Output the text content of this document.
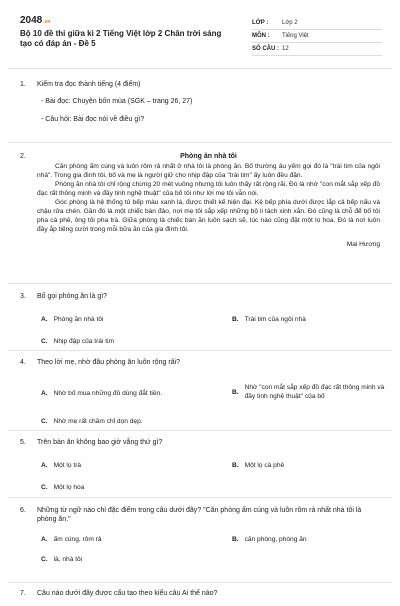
2048.vn
Bộ 10 đề thi giữa kì 2 Tiếng Việt lớp 2 Chân trời sáng tạo có đáp án - Đề 5
LỚP :	Lớp 2
MÔN :	Tiếng Việt
SỐ CÂU : 12
1.	Kiểm tra đọc thành tiếng (4 điểm)
- Bài đọc: Chuyện bốn mùa (SGK – trang 26, 27)
- Câu hỏi: Bài đọc nói về điều gì?
2.	Phòng ăn nhà tôi

Căn phòng ấm cúng và luôn rôm rả nhất ở nhà tôi là phòng ăn. Bố thường âu yếm gọi đó là "trái tim của ngôi nhà". Trong gia đình tôi, bố và mẹ là người giữ cho nhịp đập của "trái tim" ấy luôn đều đặn.

Phòng ăn nhà tôi chỉ rộng chừng 20 mét vuông nhưng tôi luôn thấy rất rộng rãi. Đó là nhờ "con mắt sắp xếp đồ đạc rất thông minh và đầy tinh nghệ thuật" của bố tôi như lời mẹ tôi vẫn nói.

Góc phòng là hệ thống tủ bếp màu xanh lá, được thiết kế hiện đại. Kệ bếp phía dưới được lắp cả bếp nấu và chậu rửa chén. Gần đó là một chiếc bàn đảo, nơi mẹ tôi sắp xếp những bộ li tách xinh xắn. Đó cũng là chỗ để bố tôi pha cà phê, ông tôi pha trà. Giữa phòng là chiếc bàn ăn luôn sạch sẽ, lúc nào cũng đặt một lọ hoa. Đó là nơi luôn đầy ắp tiếng cười trong mỗi bữa ăn của gia đình tôi.

Mai Hương
3.	Bố gọi phòng ăn là gì?
A. Phòng ăn nhà tôi	B. Trái tim của ngôi nhà
C. Nhịp đập của trái tim
4.	Theo lời mẹ, nhờ đâu phòng ăn luôn rộng rãi?
A. Nhờ bố mua những đồ dùng đắt tiền.	B.
Nhờ "con mắt sắp xếp đồ đạc rất thông minh và đầy tinh nghệ thuật" của bố
C. Nhờ mẹ rất chăm chỉ dọn dẹp.
5.	Trên bàn ăn không bao giờ vắng thứ gì?
A. Một lọ trà	B. Một lọ cà phê
C. Một lọ hoa
6.	Những từ ngữ nào chỉ đặc điểm trong câu dưới đây? "Căn phòng ấm cúng và luôn rôm rả nhất nhà tôi là phòng ăn."
A. ấm cúng, rôm rả	B. căn phòng, phòng ăn
C. là, nhà tôi
7.	Câu nào dưới đây được cấu tạo theo kiểu câu Ai thế nào?
